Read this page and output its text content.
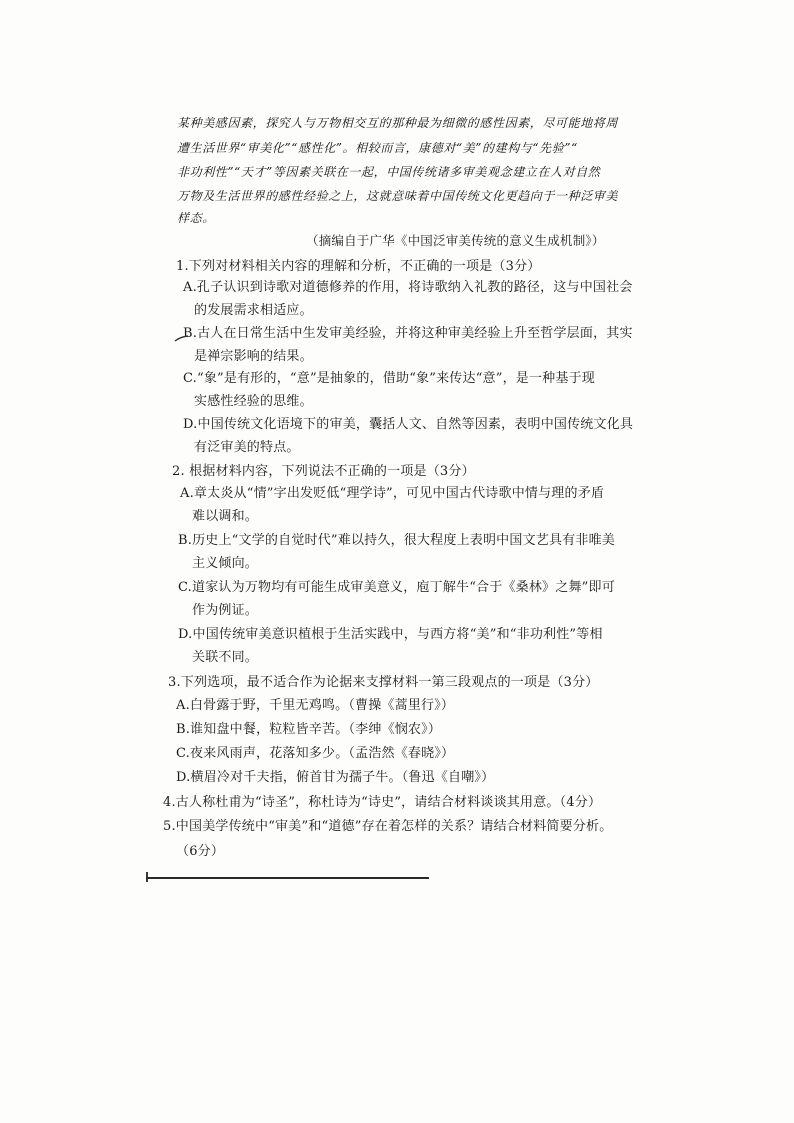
某种美感因素，探究人与万物相交互的那种最为细微的感性因素，尽可能地将周
遭生活世界“审美化”“感性化”。相较而言，康德对“美”的建构与“先验”“
非功利性”“天才”等因素关联在一起，中国传统诸多审美观念建立在人对自然
万物及生活世界的感性经验之上，这就意味着中国传统文化更趋向于一种泛审美
样态。
（摘编自于广华《中国泛审美传统的意义生成机制》）
1.下列对材料相关内容的理解和分析，不正确的一项是（3分）
A.孔子认识到诗歌对道德修养的作用，将诗歌纳入礼教的路径，这与中国社会
的发展需求相适应。
B.古人在日常生活中生发审美经验，并将这种审美经验上升至哲学层面，其实
是禅宗影响的结果。
C.“象”是有形的，“意”是抽象的，借助“象”来传达“意”，是一种基于现
实感性经验的思维。
D.中国传统文化语境下的审美，囊括人文、自然等因素，表明中国传统文化具
有泛审美的特点。
2. 根据材料内容，下列说法不正确的一项是（3分）
A.章太炎从“情”字出发贬低“理学诗”，可见中国古代诗歌中情与理的矛盾
难以调和。
B.历史上“文学的自觉时代”难以持久，很大程度上表明中国文艺具有非唯美
主义倾向。
C.道家认为万物均有可能生成审美意义，庖丁解牛“合于《桑林》之舞”即可
作为例证。
D.中国传统审美意识植根于生活实践中，与西方将“美”和“非功利性”等相
关联不同。
3.下列选项，最不适合作为论据来支撑材料一第三段观点的一项是（3分）
A.白骨露于野，千里无鸡鸣。（曹操《蒿里行》）
B.谁知盘中餐，粒粒皆辛苦。（李绅《悯农》）
C.夜来风雨声，花落知多少。（孟浩然《春晓》）
D.横眉冷对千夫指，俯首甘为孺子牛。（鲁迅《自嘲》）
4.古人称杜甫为“诗圣”，称杜诗为“诗史”，请结合材料谈谈其用意。（4分）
5.中国美学传统中“审美”和“道德”存在着怎样的关系？请结合材料简要分析。
（6分）
